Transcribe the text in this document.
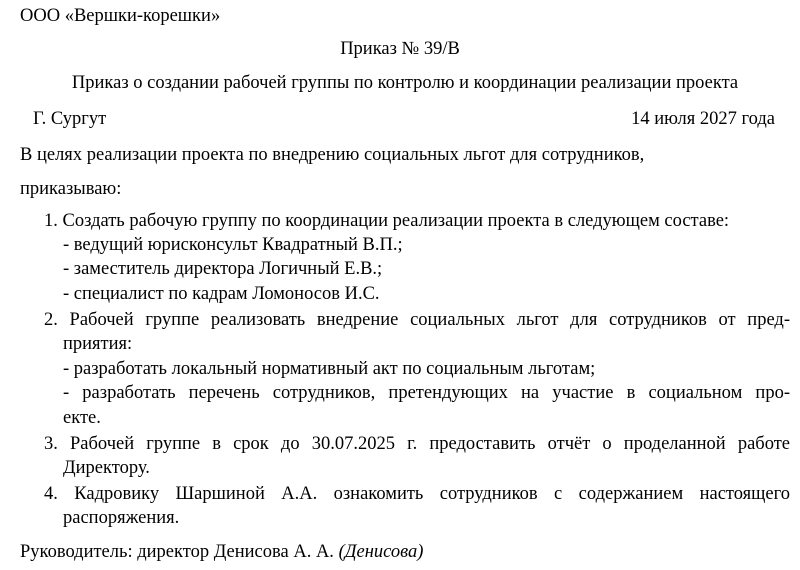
ООО «Вершки-корешки»
Приказ № 39/В
Приказ о создании рабочей группы по контролю и координации реализации проекта
Г. Сургут	14 июля 2027 года
В целях реализации проекта по внедрению социальных льгот для сотрудников,
приказываю:
1. Создать рабочую группу по координации реализации проекта в следующем составе:
- ведущий юрисконсульт Квадратный В.П.;
- заместитель директора Логичный Е.В.;
- специалист по кадрам Ломоносов И.С.
2. Рабочей группе реализовать внедрение социальных льгот для сотрудников от пред-
приятия:
- разработать локальный нормативный акт по социальным льготам;
- разработать перечень сотрудников, претендующих на участие в социальном про-
екте.
3. Рабочей группе в срок до 30.07.2025 г. предоставить отчёт о проделанной работе
Директору.
4. Кадровику Шаршиной А.А. ознакомить сотрудников с содержанием настоящего
распоряжения.
Руководитель: директор Денисова А. А. (Денисова)
